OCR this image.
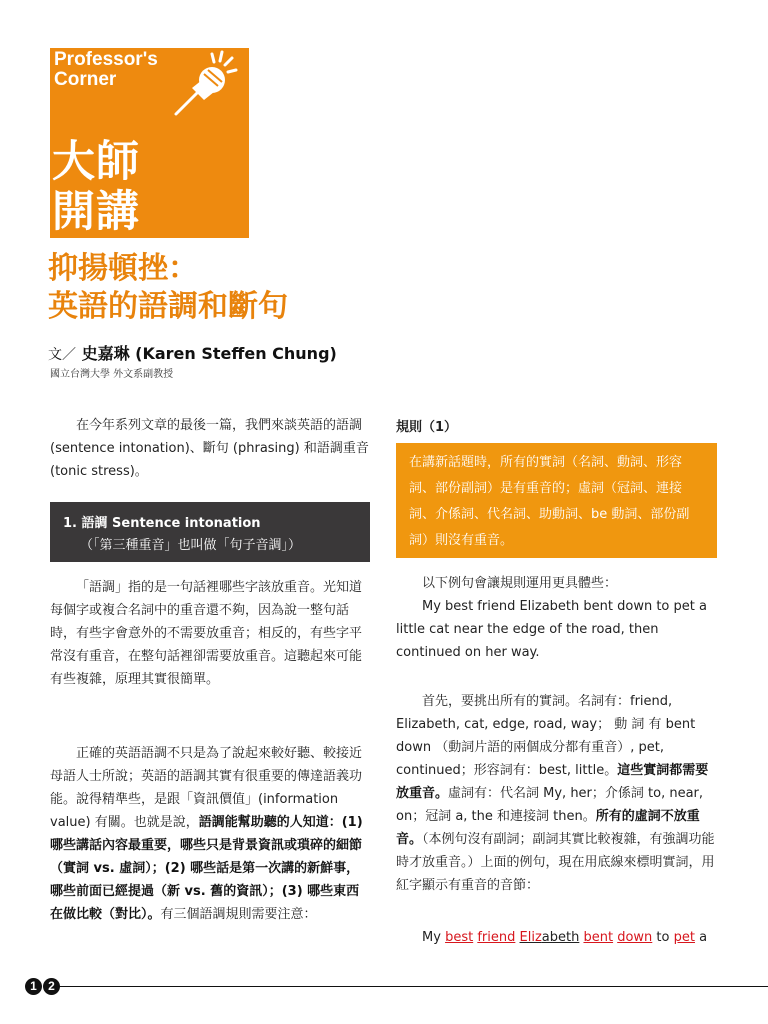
Professor's
Corner
大師
開講
抑揚頓挫：
英語的語調和斷句
文／ 史嘉琳 (Karen Steffen Chung)
國立台灣大學 外文系副教授

在今年系列文章的最後一篇，我們來談英語的語調 (sentence intonation)、斷句 (phrasing) 和語調重音 (tonic stress)。

1. 語調 Sentence intonation
（「第三種重音」也叫做「句子音調」）

「語調」指的是一句話裡哪些字該放重音。光知道每個字或複合名詞中的重音還不夠，因為說一整句話時，有些字會意外的不需要放重音；相反的，有些字平常沒有重音，在整句話裡卻需要放重音。這聽起來可能有些複雜，原理其實很簡單。

正確的英語語調不只是為了說起來較好聽、較接近母語人士所說；英語的語調其實有很重要的傳達語義功能。說得精準些，是跟「資訊價值」(information value) 有關。也就是說，語調能幫助聽的人知道：(1) 哪些講話內容最重要，哪些只是背景資訊或瑣碎的細節（實詞 vs. 虛詞）；(2) 哪些話是第一次講的新鮮事，哪些前面已經提過（新 vs. 舊的資訊）；(3) 哪些東西在做比較（對比）。有三個語調規則需要注意：

規則（1）

在講新話題時，所有的實詞（名詞、動詞、形容詞、部份副詞）是有重音的；虛詞（冠詞、連接詞、介係詞、代名詞、助動詞、be 動詞、部份副詞）則沒有重音。

以下例句會讓規則運用更具體些：

My best friend Elizabeth bent down to pet a little cat near the edge of the road, then continued on her way.

首先，要挑出所有的實詞。名詞有：friend, Elizabeth, cat, edge, road, way； 動 詞 有 bent down （動詞片語的兩個成分都有重音）, pet, continued；形容詞有：best, little。這些實詞都需要放重音。虛詞有：代名詞 My, her；介係詞 to, near, on；冠詞 a, the 和連接詞 then。所有的虛詞不放重音。（本例句沒有副詞；副詞其實比較複雜，有強調功能時才放重音。）上面的例句，現在用底線來標明實詞，用紅字顯示有重音的音節：

My best friend Elizabeth bent down to pet a

1 2
